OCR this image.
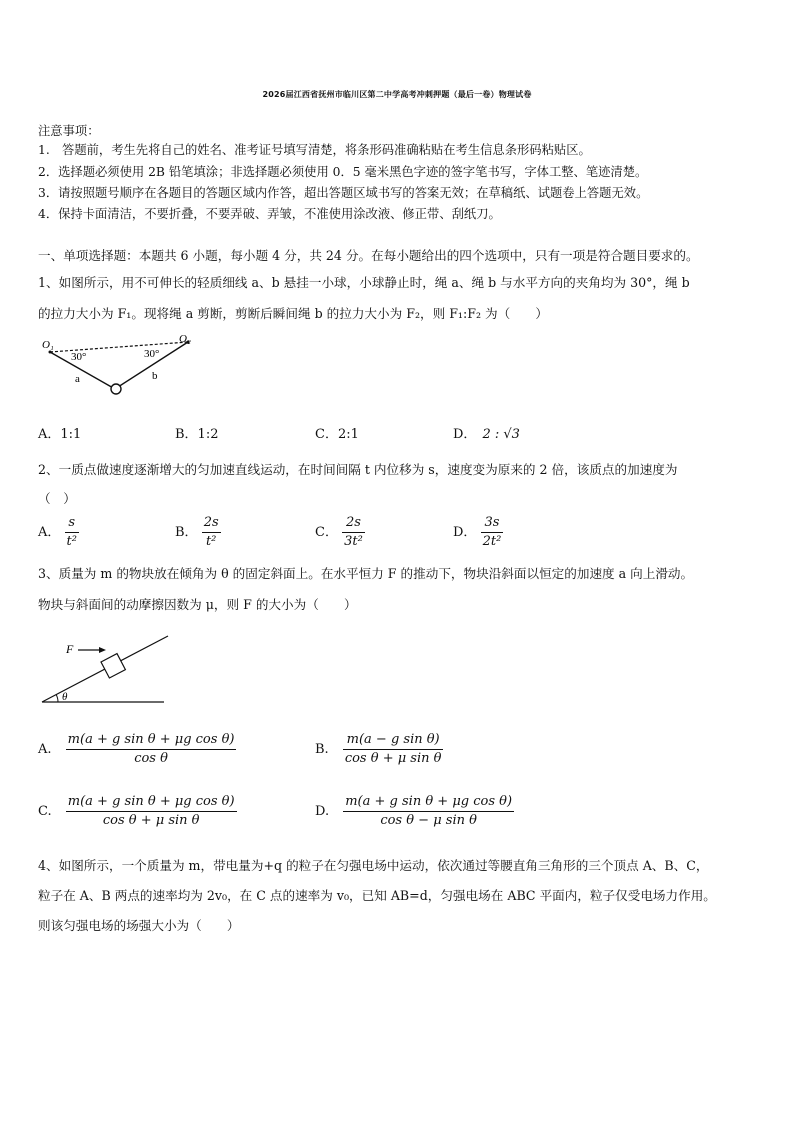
2026届江西省抚州市临川区第二中学高考冲刺押题（最后一卷）物理试卷
注意事项：
1.　答题前，考生先将自己的姓名、准考证号填写清楚，将条形码准确粘贴在考生信息条形码粘贴区。
2．选择题必须使用 2B 铅笔填涂；非选择题必须使用 0．5 毫米黑色字迹的签字笔书写，字体工整、笔迹清楚。
3．请按照题号顺序在各题目的答题区域内作答，超出答题区域书写的答案无效；在草稿纸、试题卷上答题无效。
4．保持卡面清洁，不要折叠，不要弄破、弄皱，不准使用涂改液、修正带、刮纸刀。
一、单项选择题：本题共 6 小题，每小题 4 分，共 24 分。在每小题给出的四个选项中，只有一项是符合题目要求的。
1、如图所示，用不可伸长的轻质细线 a、b 悬挂一小球，小球静止时，绳 a、绳 b 与水平方向的夹角均为 30°，绳 b
的拉力大小为 F₁。现将绳 a 剪断，剪断后瞬间绳 b 的拉力大小为 F₂，则 F₁:F₂ 为（　　）
O₁	O₂
30°	30°
a	b
A．1:1	B．1:2	C．2:1	D． 2 : √3
2、一质点做速度逐渐增大的匀加速直线运动，在时间间隔 t 内位移为 s，速度变为原来的 2 倍，该质点的加速度为
（　）
A． $\frac{s}{\text{t²}}$	B． $\frac{2s}{\text{t²}}$	C． $\frac{2s}{\text{3t²}}$	D． $\frac{3s}{\text{2t²}}$
3、质量为 m 的物块放在倾角为 θ 的固定斜面上。在水平恒力 F 的推动下，物块沿斜面以恒定的加速度 a 向上滑动。
物块与斜面间的动摩擦因数为 μ，则 F 的大小为（　　）
F
θ
A. $\frac{\text{m(a + g sin θ + μg cos θ)}}{\text{cos θ}}$	B. $\frac{\text{m(a − g sin θ)}}{\text{cos θ + μ sin θ}}$
C. $\frac{\text{m(a + g sin θ + μg cos θ)}}{\text{cos θ + μ sin θ}}$	D. $\frac{\text{m(a + g sin θ + μg cos θ)}}{\text{cos θ − μ sin θ}}$
4、如图所示，一个质量为 m，带电量为+q 的粒子在匀强电场中运动，依次通过等腰直角三角形的三个顶点 A、B、C，
粒子在 A、B 两点的速率均为 2v₀，在 C 点的速率为 v₀，已知 AB=d，匀强电场在 ABC 平面内，粒子仅受电场力作用。
则该匀强电场的场强大小为（　　）
